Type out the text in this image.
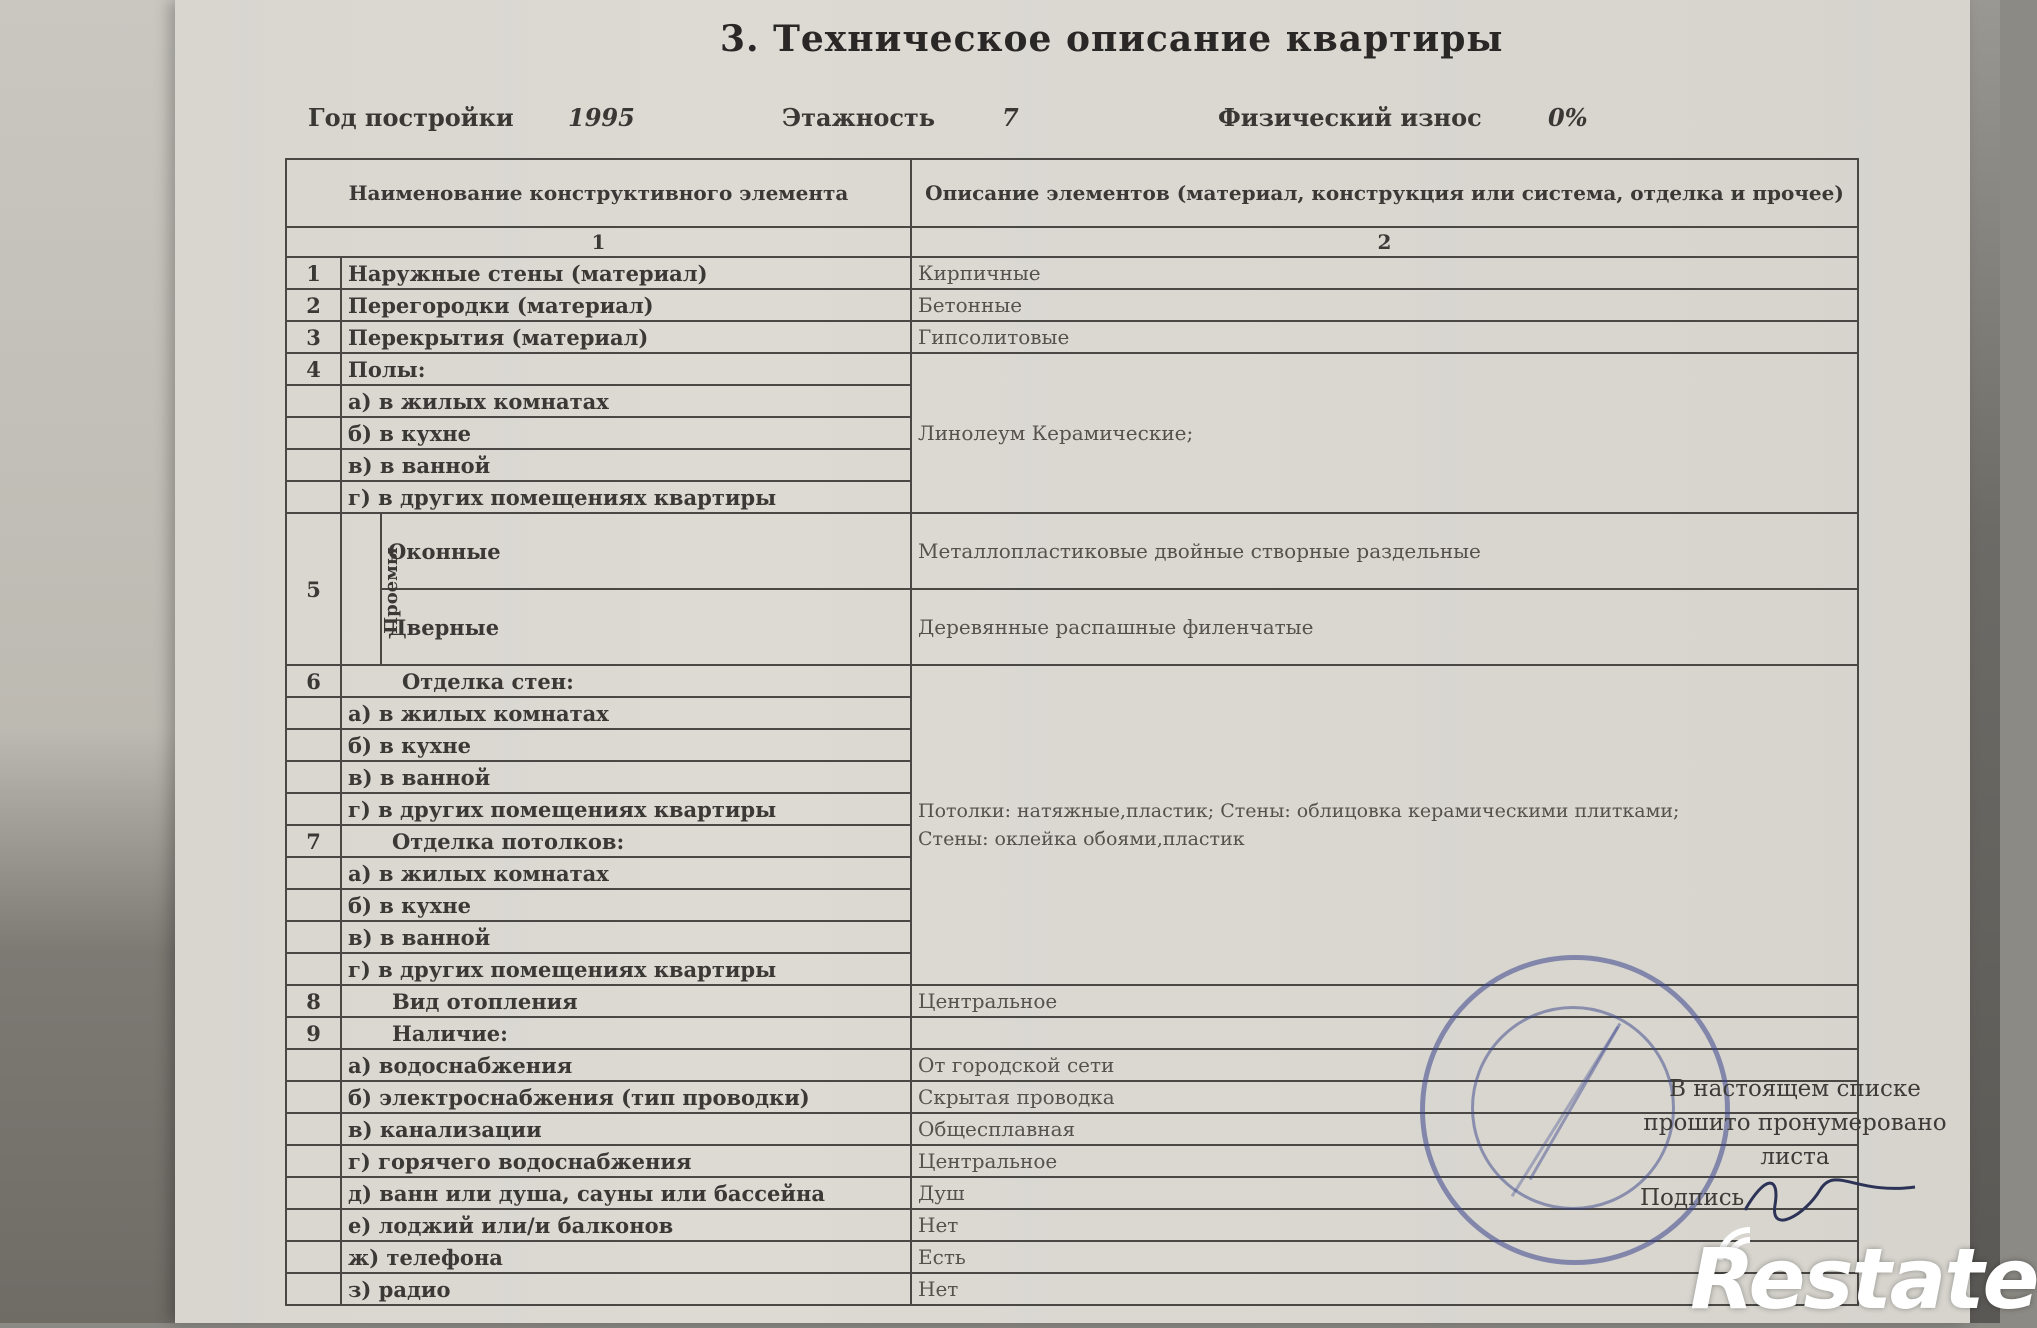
3. Техническое описание квартиры
Год постройки 1995	Этажность	7	Физический износ	0%
Наименование конструктивного элемента			Описание элементов (материал, конструкция или система, отделка и прочее)
1			2
1	Наружные стены (материал)		Кирпичные
2	Перегородки (материал)		Бетонные
3	Перекрытия (материал)		Гипсолитовые
4	Полы:		Линолеум Керамические;
	а) в жилых комнатах		
	б) в кухне		
	в) в ванной		
	г) в других помещениях квартиры		
5	Проемы	Оконные	Металлопластиковые двойные створные раздельные
		Дверные	Деревянные распашные филенчатые
6	Отделка стен:		Потолки: натяжные,пластик; Стены: облицовка керамическими плитками;
Стены: оклейка обоями,пластик

	а) в жилых комнатах		
	б) в кухне		
	в) в ванной		
	г) в других помещениях квартиры		
7	Отделка потолков:		
	а) в жилых комнатах		
	б) в кухне		
	в) в ванной		
	г) в других помещениях квартиры		
8	Вид отопления		Центральное
9	Наличие:		
	а) водоснабжения		От городской сети
	б) электроснабжения (тип проводки)		Скрытая проводка
	в) канализации		Общесплавная
	г) горячего водоснабжения		Центральное
	д) ванн или душа, сауны или бассейна		Душ
	е) лоджий или/и балконов		Нет
	ж) телефона		Есть
	з) радио		Нет
В настоящем списке
прошито пронумеровано
листа
Подпись
Restate
